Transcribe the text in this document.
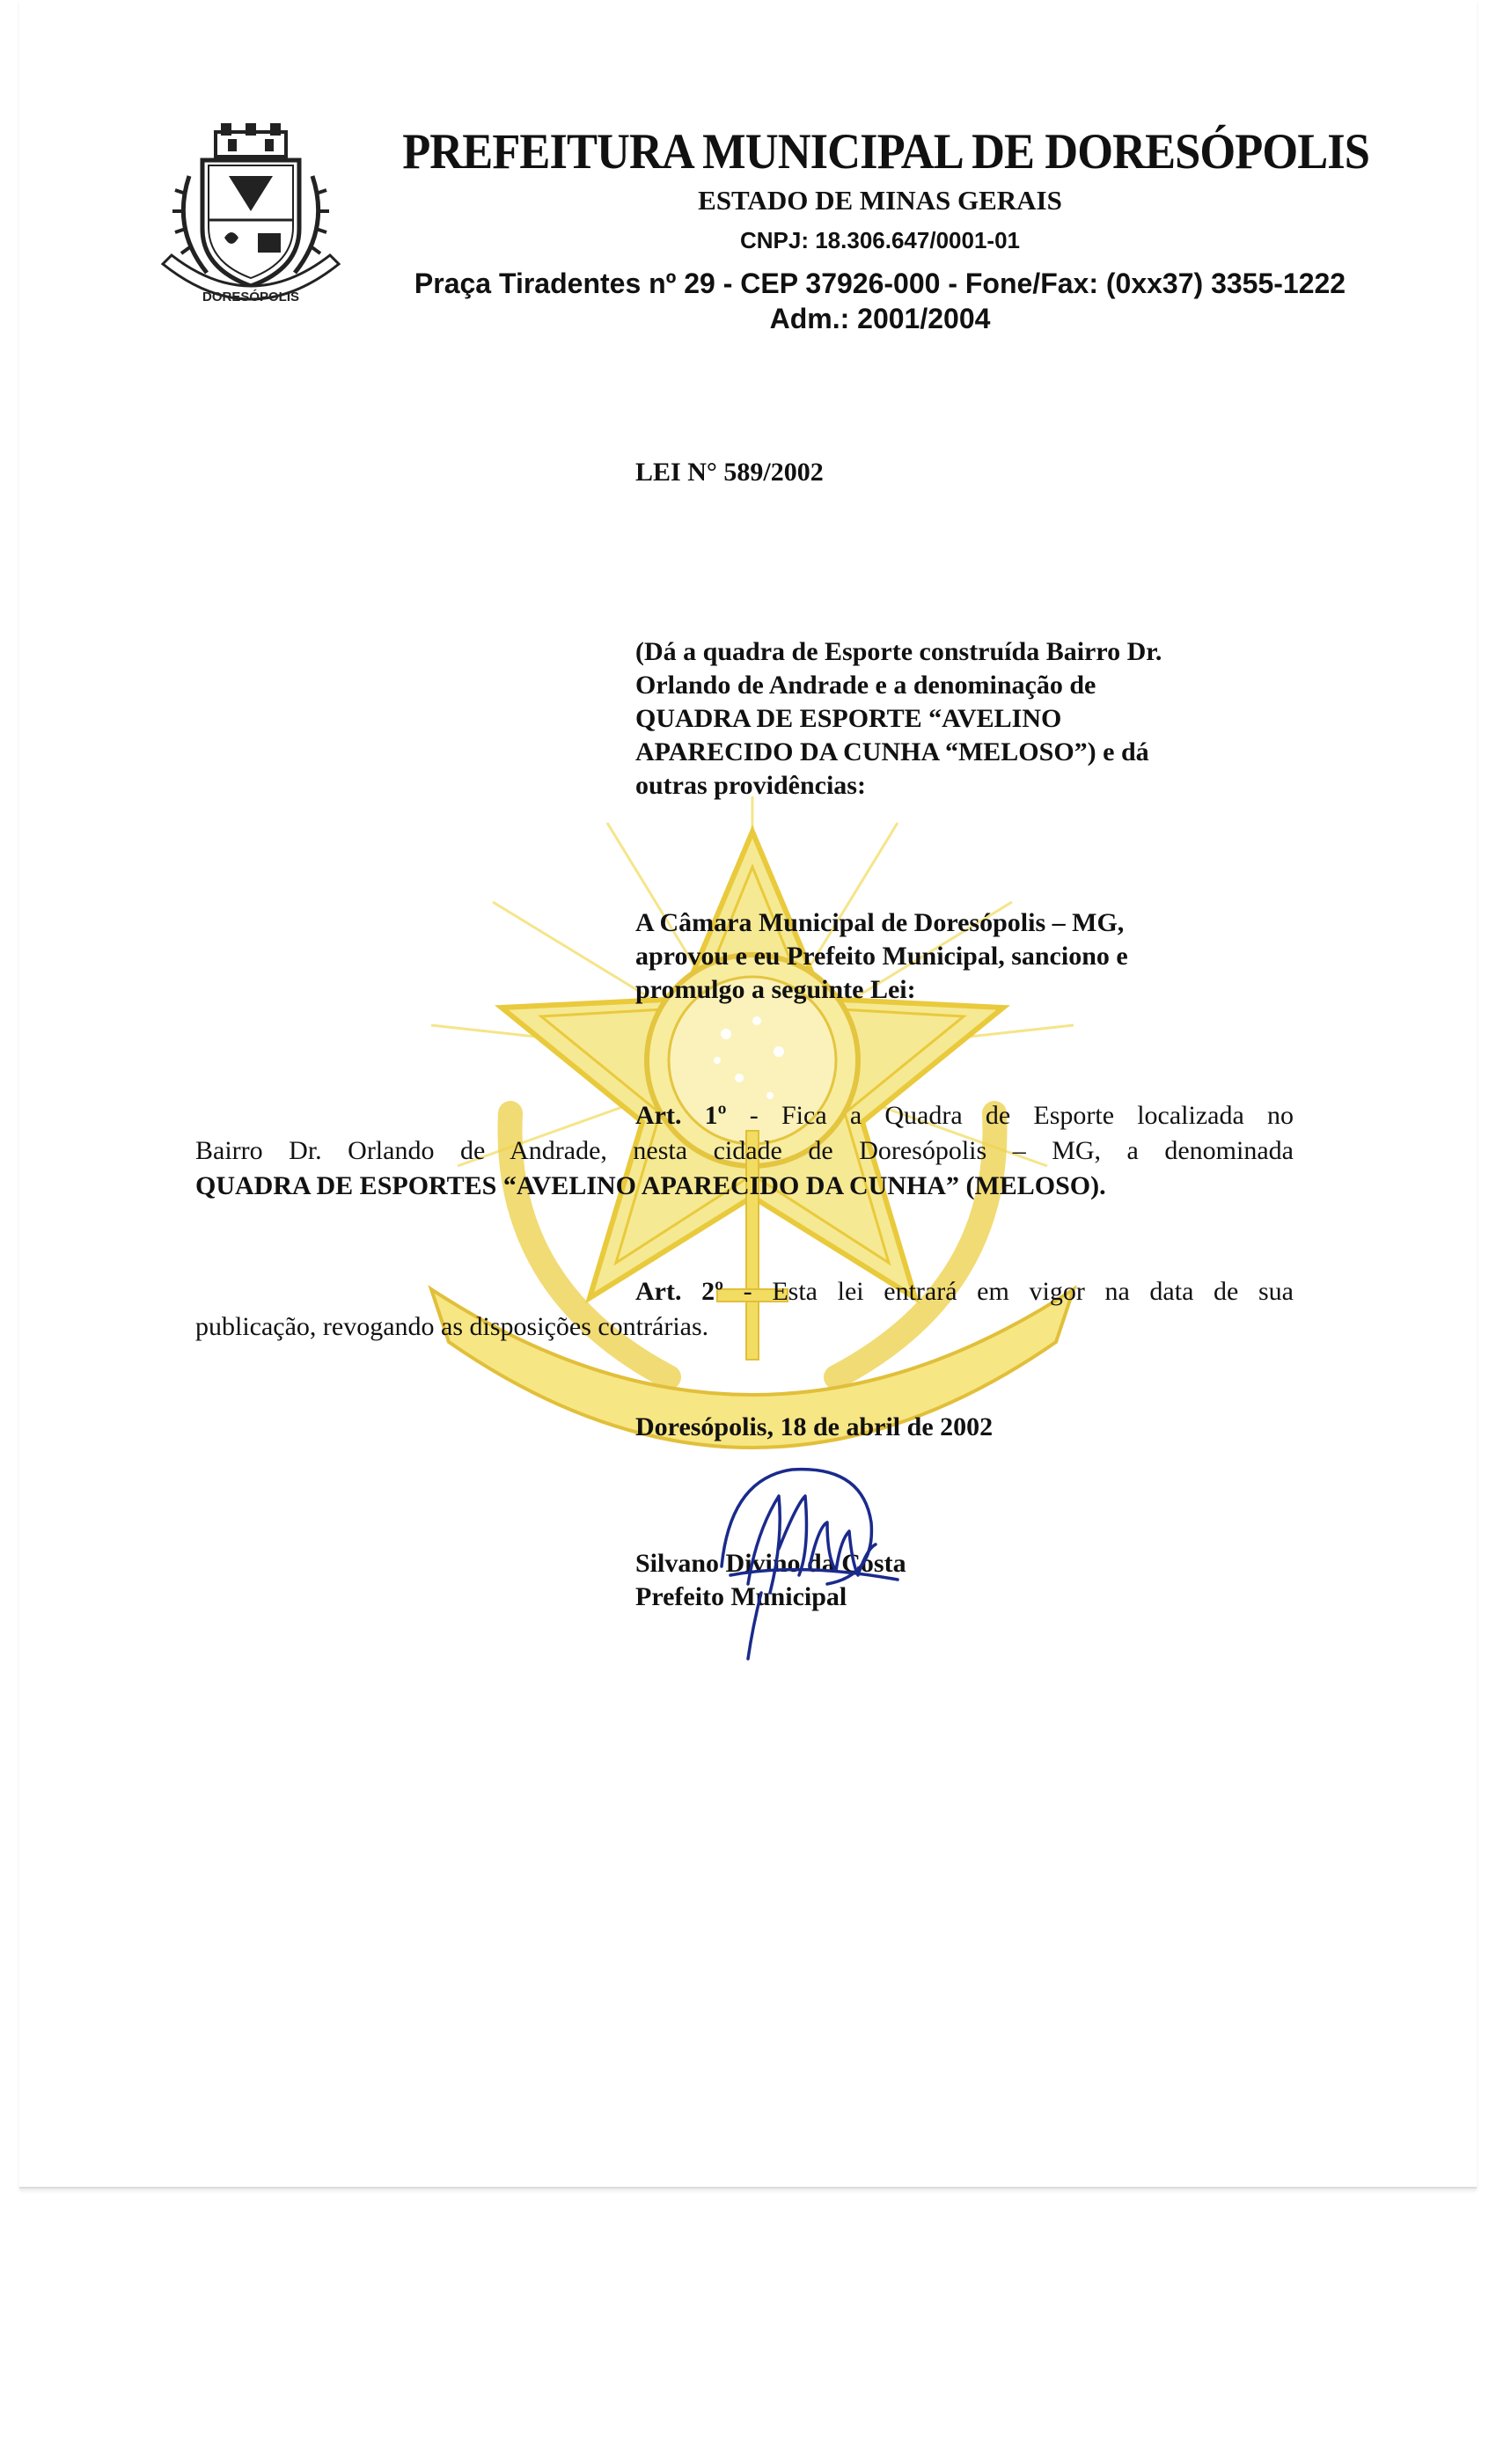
DORESÓPOLIS
PREFEITURA MUNICIPAL DE DORESÓPOLIS
ESTADO DE MINAS GERAIS
CNPJ: 18.306.647/0001-01
Praça Tiradentes nº 29 - CEP 37926-000 - Fone/Fax: (0xx37) 3355-1222
Adm.: 2001/2004
LEI N° 589/2002

(Dá a quadra de Esporte construída Bairro Dr.

Orlando de Andrade e a denominação de

QUADRA DE ESPORTE “AVELINO

APARECIDO DA CUNHA “MELOSO”) e dá

outras providências:

A Câmara Municipal de Doresópolis – MG,

aprovou e eu Prefeito Municipal, sanciono e

promulgo a seguinte Lei:

Art. 1º - Fica a Quadra de Esporte localizada no

Bairro Dr. Orlando de Andrade, nesta cidade de Doresópolis – MG, a denominada

QUADRA DE ESPORTES “AVELINO APARECIDO DA CUNHA” (MELOSO).

Art. 2º - Esta lei entrará em vigor na data de sua

publicação, revogando as disposições contrárias.

Doresópolis, 18 de abril de 2002
Silvano Divino da Costa
Prefeito Municipal
